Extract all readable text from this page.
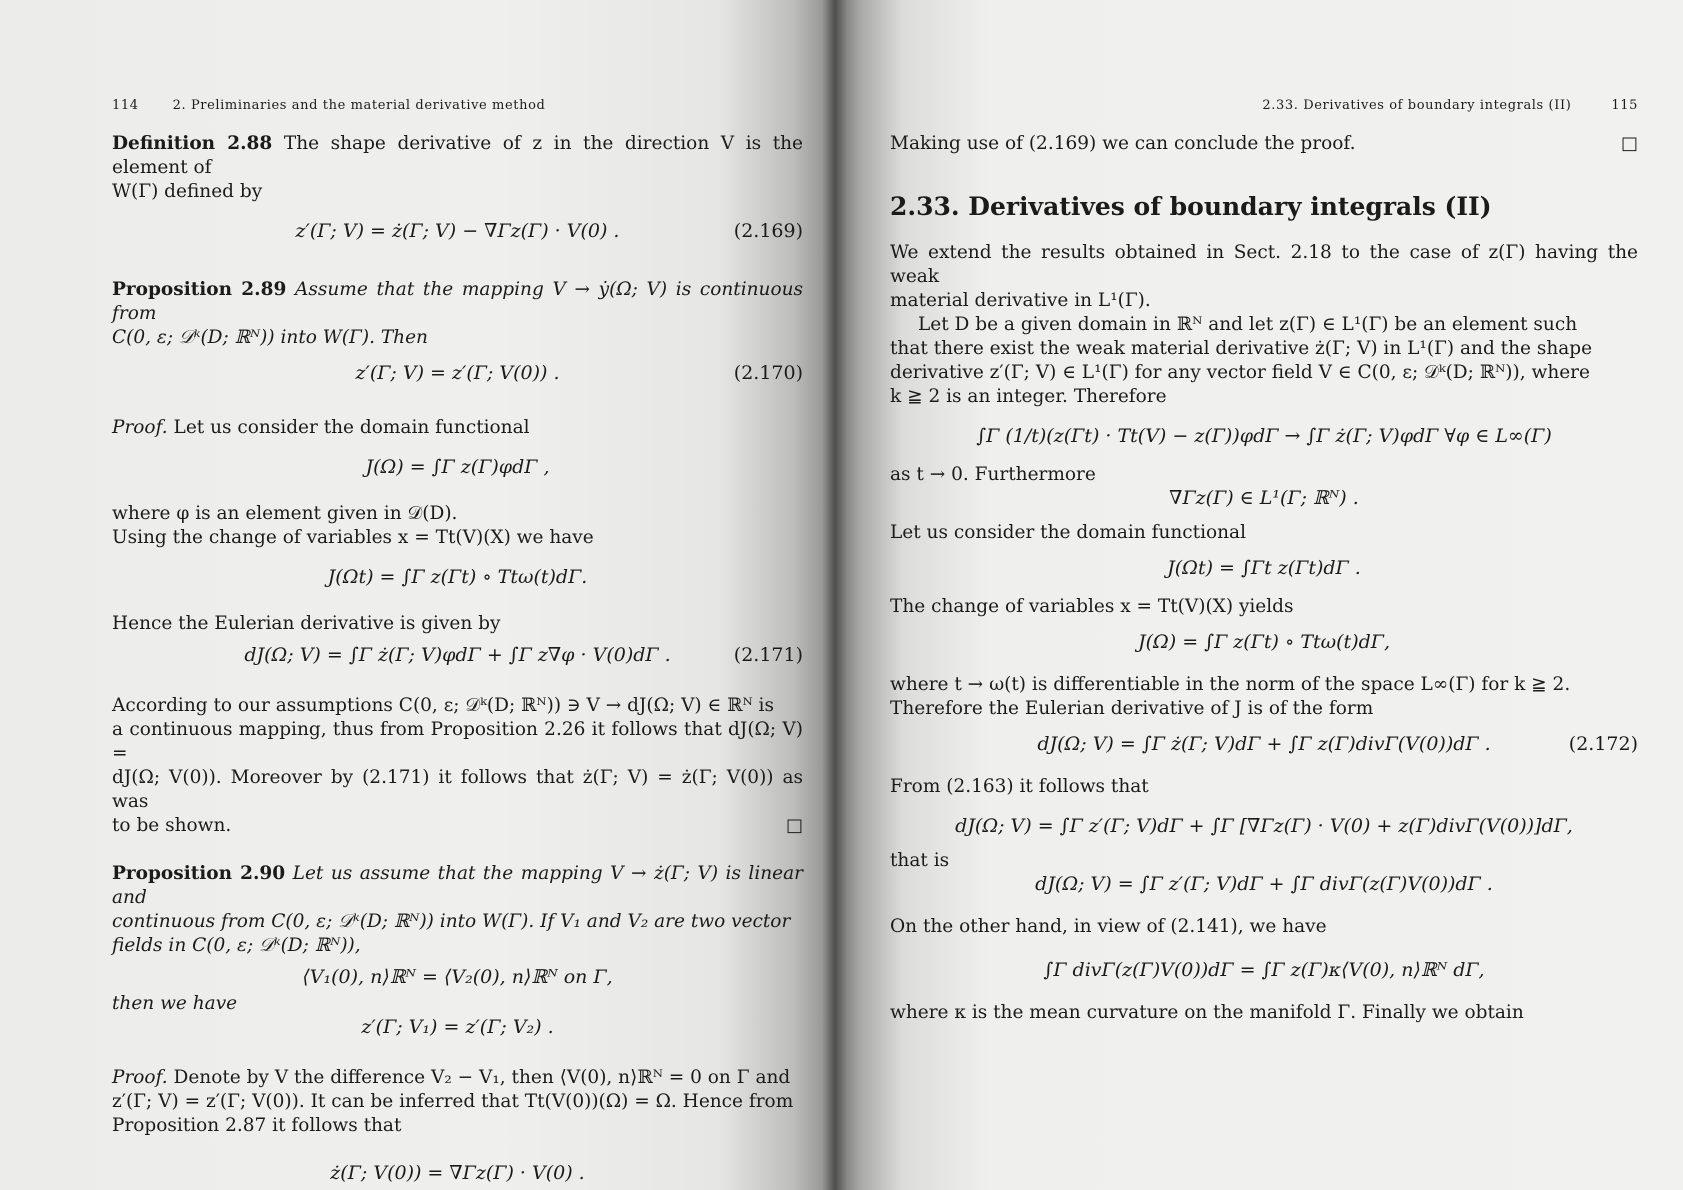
114	2. Preliminaries and the material derivative method

Definition 2.88 The shape derivative of z in the direction V is the element of

W(Γ) defined by

z′(Γ; V) = ż(Γ; V) − ∇Γz(Γ) · V(0) .	(2.169)

Proposition 2.89 Assume that the mapping V → ẏ(Ω; V) is continuous from

C(0, ε; 𝒟ᵏ(D; ℝᴺ)) into W(Γ). Then

z′(Γ; V) = z′(Γ; V(0)) .	(2.170)

Proof. Let us consider the domain functional

J(Ω) = ∫Γ z(Γ)φdΓ ,

where φ is an element given in 𝒟(D).

Using the change of variables x = Tt(V)(X) we have

J(Ωt) = ∫Γ z(Γt) ∘ Ttω(t)dΓ.

Hence the Eulerian derivative is given by

dJ(Ω; V) = ∫Γ ż(Γ; V)φdΓ + ∫Γ z∇φ · V(0)dΓ .	(2.171)

According to our assumptions C(0, ε; 𝒟ᵏ(D; ℝᴺ)) ∋ V → dJ(Ω; V) ∈ ℝᴺ is

a continuous mapping, thus from Proposition 2.26 it follows that dJ(Ω; V) =

dJ(Ω; V(0)). Moreover by (2.171) it follows that ż(Γ; V) = ż(Γ; V(0)) as was

to be shown.	□

Proposition 2.90 Let us assume that the mapping V → ż(Γ; V) is linear and

continuous from C(0, ε; 𝒟ᵏ(D; ℝᴺ)) into W(Γ). If V₁ and V₂ are two vector

fields in C(0, ε; 𝒟ᵏ(D; ℝᴺ)),

⟨V₁(0), n⟩ℝᴺ = ⟨V₂(0), n⟩ℝᴺ on Γ,

then we have

z′(Γ; V₁) = z′(Γ; V₂) .

Proof. Denote by V the difference V₂ − V₁, then ⟨V(0), n⟩ℝᴺ = 0 on Γ and

z′(Γ; V) = z′(Γ; V(0)). It can be inferred that Tt(V(0))(Ω) = Ω. Hence from

Proposition 2.87 it follows that

ż(Γ; V(0)) = ∇Γz(Γ) · V(0) .

2.33. Derivatives of boundary integrals (II)	115

Making use of (2.169) we can conclude the proof.	□

2.33. Derivatives of boundary integrals (II)

We extend the results obtained in Sect. 2.18 to the case of z(Γ) having the weak

material derivative in L¹(Γ).

Let D be a given domain in ℝᴺ and let z(Γ) ∈ L¹(Γ) be an element such

that there exist the weak material derivative ż(Γ; V) in L¹(Γ) and the shape

derivative z′(Γ; V) ∈ L¹(Γ) for any vector field V ∈ C(0, ε; 𝒟ᵏ(D; ℝᴺ)), where

k ≧ 2 is an integer. Therefore

∫Γ (1/t)(z(Γt) · Tt(V) − z(Γ))φdΓ → ∫Γ ż(Γ; V)φdΓ ∀φ ∈ L∞(Γ)

as t → 0. Furthermore

∇Γz(Γ) ∈ L¹(Γ; ℝᴺ) .

Let us consider the domain functional

J(Ωt) = ∫Γt z(Γt)dΓ .

The change of variables x = Tt(V)(X) yields

J(Ω) = ∫Γ z(Γt) ∘ Ttω(t)dΓ,

where t → ω(t) is differentiable in the norm of the space L∞(Γ) for k ≧ 2.

Therefore the Eulerian derivative of J is of the form

dJ(Ω; V) = ∫Γ ż(Γ; V)dΓ + ∫Γ z(Γ)divΓ(V(0))dΓ .	(2.172)

From (2.163) it follows that

dJ(Ω; V) = ∫Γ z′(Γ; V)dΓ + ∫Γ [∇Γz(Γ) · V(0) + z(Γ)divΓ(V(0))]dΓ,

that is

dJ(Ω; V) = ∫Γ z′(Γ; V)dΓ + ∫Γ divΓ(z(Γ)V(0))dΓ .

On the other hand, in view of (2.141), we have

∫Γ divΓ(z(Γ)V(0))dΓ = ∫Γ z(Γ)κ⟨V(0), n⟩ℝᴺ dΓ,

where κ is the mean curvature on the manifold Γ. Finally we obtain
